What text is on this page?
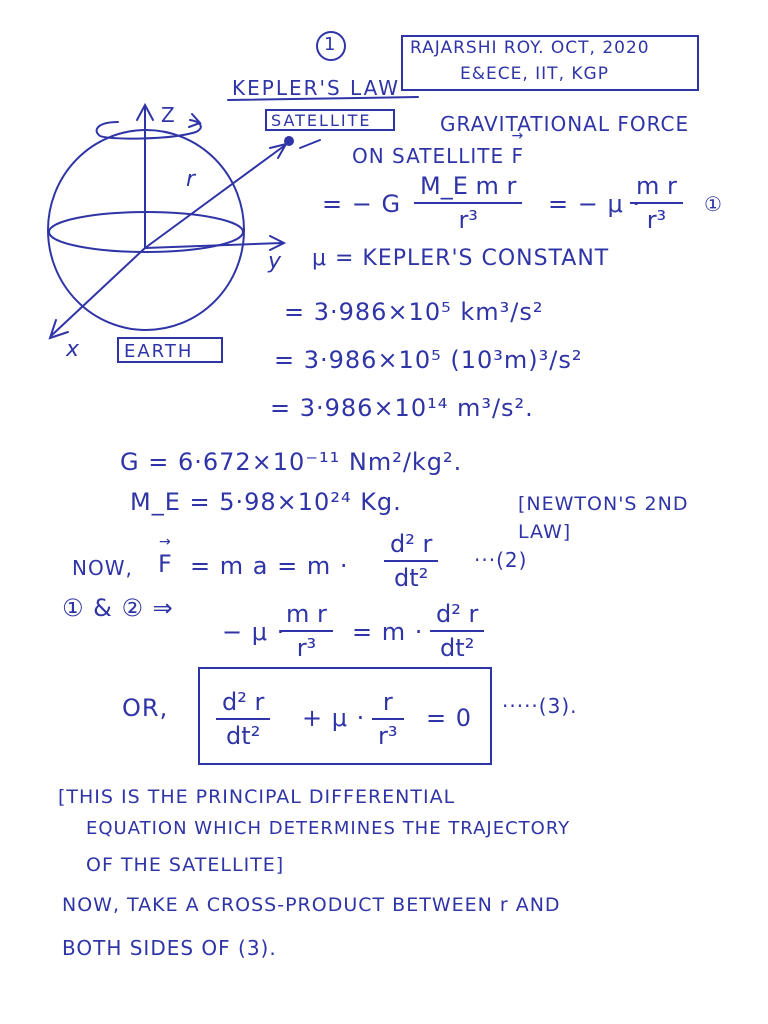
Z
y
x
r
SATELLITE
EARTH
1	RAJARSHI ROY. OCT, 2020
E&ECE, IIT, KGP
KEPLER'S LAW
GRAVITATIONAL FORCE
ON SATELLITE → F
= − G $\frac{\text{M\_E m r}}{\text{r³}}$ = − μ ·
$\frac{\text{m r}}{\text{r³}}$ ①
μ = KEPLER'S CONSTANT
= 3·986×10⁵ km³/s²
= 3·986×10⁵ (10³m)³/s²
= 3·986×10¹⁴ m³/s².
G = 6·672×10⁻¹¹ Nm²/kg².
M_E = 5·98×10²⁴ Kg.	[NEWTON'S 2ND LAW]
NOW, → F = m $a = m \cdot \frac{\text{d² r}}{\text{dt²}} \cdot\cdot\cdot(2)$
① & ② ⇒
− μ ·
$\frac{\text{m r}}{\text{r³}} = m \cdot \frac{\text{d² r}}{\text{dt²}}$
OR, $\frac{\text{d² r}}{\text{dt²}} + \mu \cdot \frac{r}{\text{r³}} = 0 \cdot\cdot\cdot\cdot\cdot(3)$.
[THIS IS THE PRINCIPAL DIFFERENTIAL
EQUATION WHICH DETERMINES THE TRAJECTORY
OF THE SATELLITE]
NOW, TAKE A CROSS-PRODUCT BETWEEN r AND
BOTH SIDES OF (3).
